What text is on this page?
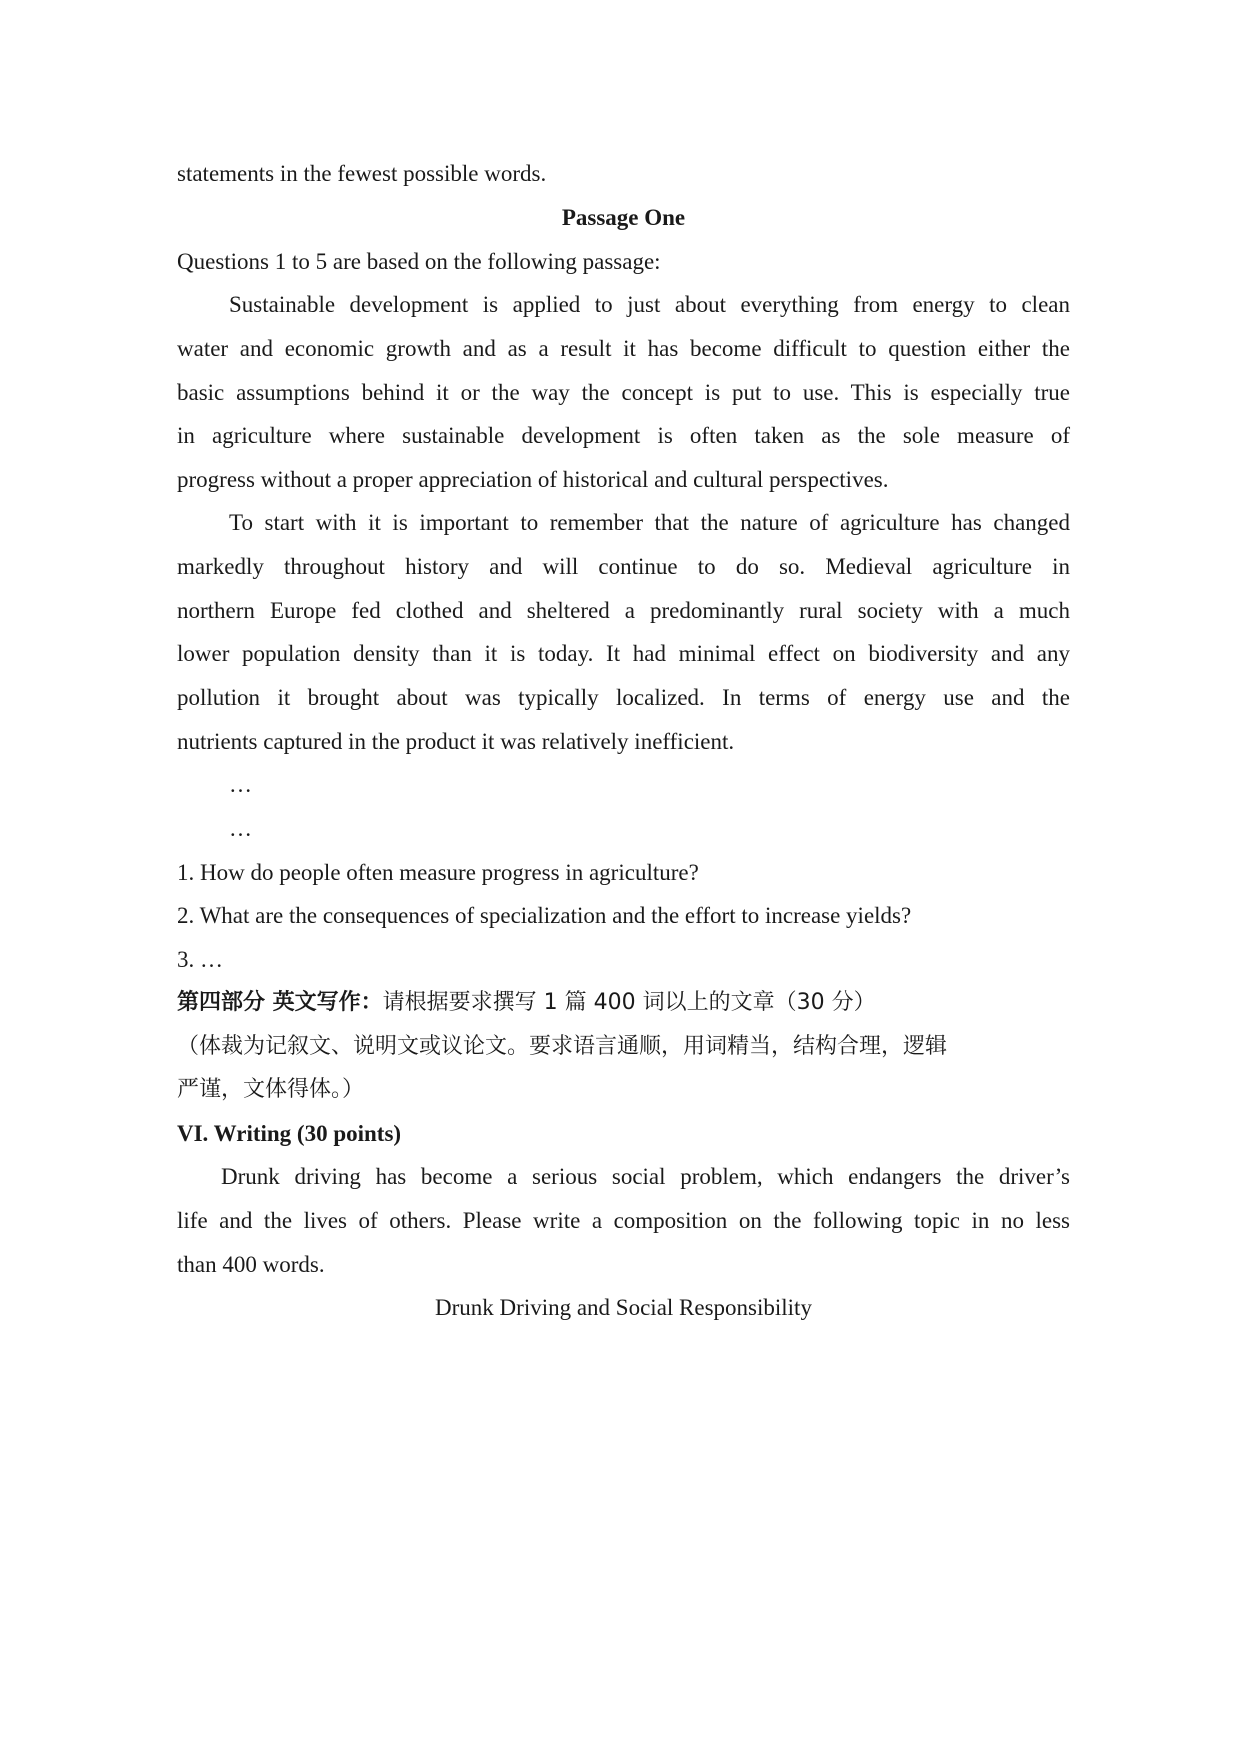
statements in the fewest possible words.
Passage One
Questions 1 to 5 are based on the following passage:
Sustainable development is applied to just about everything from energy to clean
water and economic growth and as a result it has become difficult to question either the
basic assumptions behind it or the way the concept is put to use. This is especially true
in agriculture where sustainable development is often taken as the sole measure of
progress without a proper appreciation of historical and cultural perspectives.
To start with it is important to remember that the nature of agriculture has changed
markedly throughout history and will continue to do so. Medieval agriculture in
northern Europe fed clothed and sheltered a predominantly rural society with a much
lower population density than it is today. It had minimal effect on biodiversity and any
pollution it brought about was typically localized. In terms of energy use and the
nutrients captured in the product it was relatively inefficient.
…
…
1. How do people often measure progress in agriculture?
2. What are the consequences of specialization and the effort to increase yields?
3. …
第四部分 英文写作：请根据要求撰写 1 篇 400 词以上的文章（30 分）
（体裁为记叙文、说明文或议论文。要求语言通顺，用词精当，结构合理，逻辑
严谨，文体得体。）
VI. Writing (30 points)
Drunk driving has become a serious social problem, which endangers the driver’s
life and the lives of others. Please write a composition on the following topic in no less
than 400 words.
Drunk Driving and Social Responsibility
